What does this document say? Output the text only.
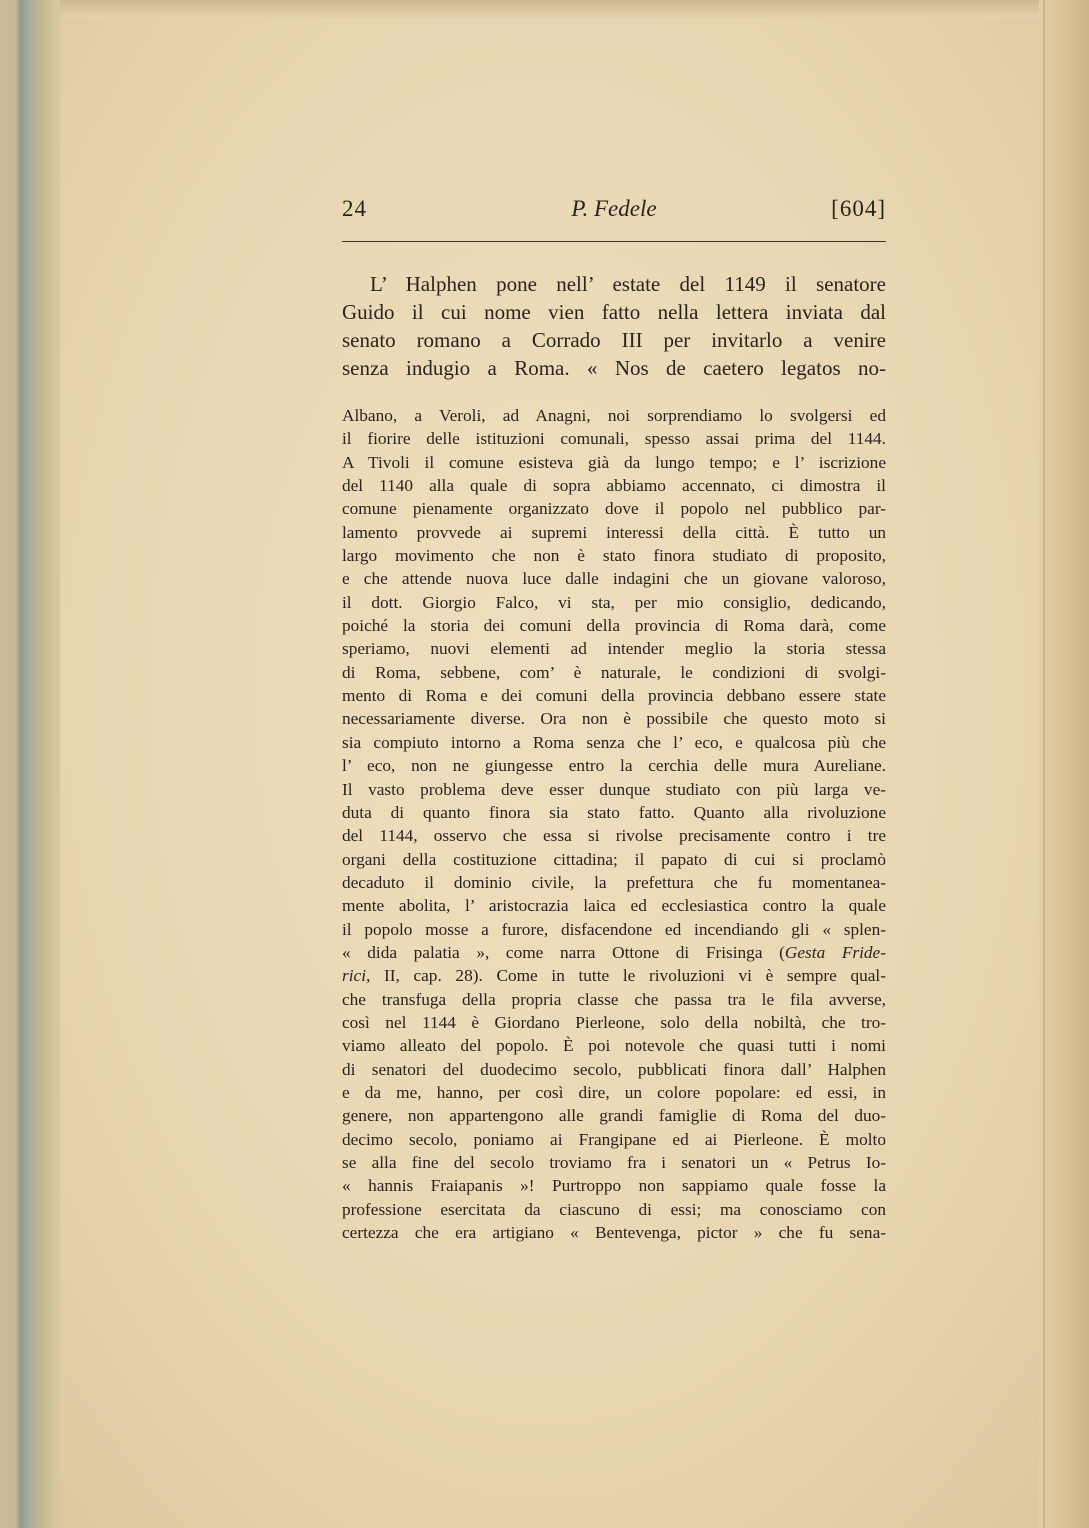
24	P. Fedele	[604]
L’ Halphen pone nell’ estate del 1149 il senatore
Guido il cui nome vien fatto nella lettera inviata dal
senato romano a Corrado III per invitarlo a venire
senza indugio a Roma. « Nos de caetero legatos no-
Albano, a Veroli, ad Anagni, noi sorprendiamo lo svolgersi ed
il fiorire delle istituzioni comunali, spesso assai prima del 1144.
A Tivoli il comune esisteva già da lungo tempo; e l’ iscrizione
del 1140 alla quale di sopra abbiamo accennato, ci dimostra il
comune pienamente organizzato dove il popolo nel pubblico par-
lamento provvede ai supremi interessi della città. È tutto un
largo movimento che non è stato finora studiato di proposito,
e che attende nuova luce dalle indagini che un giovane valoroso,
il dott. Giorgio Falco, vi sta, per mio consiglio, dedicando,
poiché la storia dei comuni della provincia di Roma darà, come
speriamo, nuovi elementi ad intender meglio la storia stessa
di Roma, sebbene, com’ è naturale, le condizioni di svolgi-
mento di Roma e dei comuni della provincia debbano essere state
necessariamente diverse. Ora non è possibile che questo moto si
sia compiuto intorno a Roma senza che l’ eco, e qualcosa più che
l’ eco, non ne giungesse entro la cerchia delle mura Aureliane.
Il vasto problema deve esser dunque studiato con più larga ve-
duta di quanto finora sia stato fatto. Quanto alla rivoluzione
del 1144, osservo che essa si rivolse precisamente contro i tre
organi della costituzione cittadina; il papato di cui si proclamò
decaduto il dominio civile, la prefettura che fu momentanea-
mente abolita, l’ aristocrazia laica ed ecclesiastica contro la quale
il popolo mosse a furore, disfacendone ed incendiando gli « splen-
« dida palatia », come narra Ottone di Frisinga (Gesta Fride-
rici, II, cap. 28). Come in tutte le rivoluzioni vi è sempre qual-
che transfuga della propria classe che passa tra le fila avverse,
così nel 1144 è Giordano Pierleone, solo della nobiltà, che tro-
viamo alleato del popolo. È poi notevole che quasi tutti i nomi
di senatori del duodecimo secolo, pubblicati finora dall’ Halphen
e da me, hanno, per così dire, un colore popolare: ed essi, in
genere, non appartengono alle grandi famiglie di Roma del duo-
decimo secolo, poniamo ai Frangipane ed ai Pierleone. È molto
se alla fine del secolo troviamo fra i senatori un « Petrus Io-
« hannis Fraiapanis »! Purtroppo non sappiamo quale fosse la
professione esercitata da ciascuno di essi; ma conosciamo con
certezza che era artigiano « Bentevenga, pictor » che fu sena-
